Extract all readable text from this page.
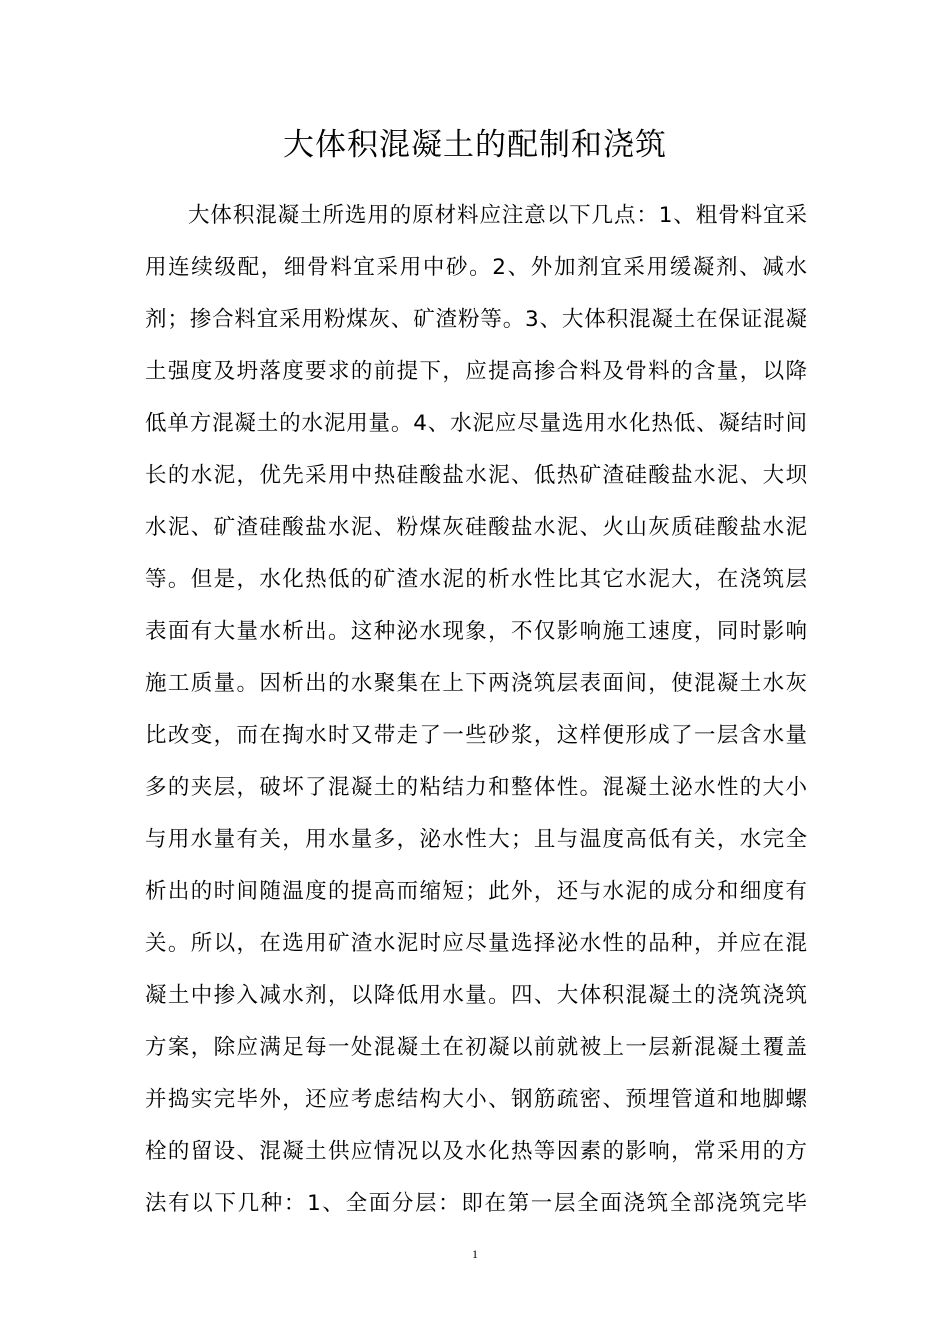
大体积混凝土的配制和浇筑
大体积混凝土所选用的原材料应注意以下几点：1、粗骨料宜采
用连续级配，细骨料宜采用中砂。2、外加剂宜采用缓凝剂、减水
剂；掺合料宜采用粉煤灰、矿渣粉等。3、大体积混凝土在保证混凝
土强度及坍落度要求的前提下，应提高掺合料及骨料的含量，以降
低单方混凝土的水泥用量。4、水泥应尽量选用水化热低、凝结时间
长的水泥，优先采用中热硅酸盐水泥、低热矿渣硅酸盐水泥、大坝
水泥、矿渣硅酸盐水泥、粉煤灰硅酸盐水泥、火山灰质硅酸盐水泥
等。但是，水化热低的矿渣水泥的析水性比其它水泥大，在浇筑层
表面有大量水析出。这种泌水现象，不仅影响施工速度，同时影响
施工质量。因析出的水聚集在上下两浇筑层表面间，使混凝土水灰
比改变，而在掏水时又带走了一些砂浆，这样便形成了一层含水量
多的夹层，破坏了混凝土的粘结力和整体性。混凝土泌水性的大小
与用水量有关，用水量多，泌水性大；且与温度高低有关，水完全
析出的时间随温度的提高而缩短；此外，还与水泥的成分和细度有
关。所以，在选用矿渣水泥时应尽量选择泌水性的品种，并应在混
凝土中掺入减水剂，以降低用水量。四、大体积混凝土的浇筑浇筑
方案，除应满足每一处混凝土在初凝以前就被上一层新混凝土覆盖
并捣实完毕外，还应考虑结构大小、钢筋疏密、预埋管道和地脚螺
栓的留设、混凝土供应情况以及水化热等因素的影响，常采用的方
法有以下几种：1、全面分层：即在第一层全面浇筑全部浇筑完毕
1
